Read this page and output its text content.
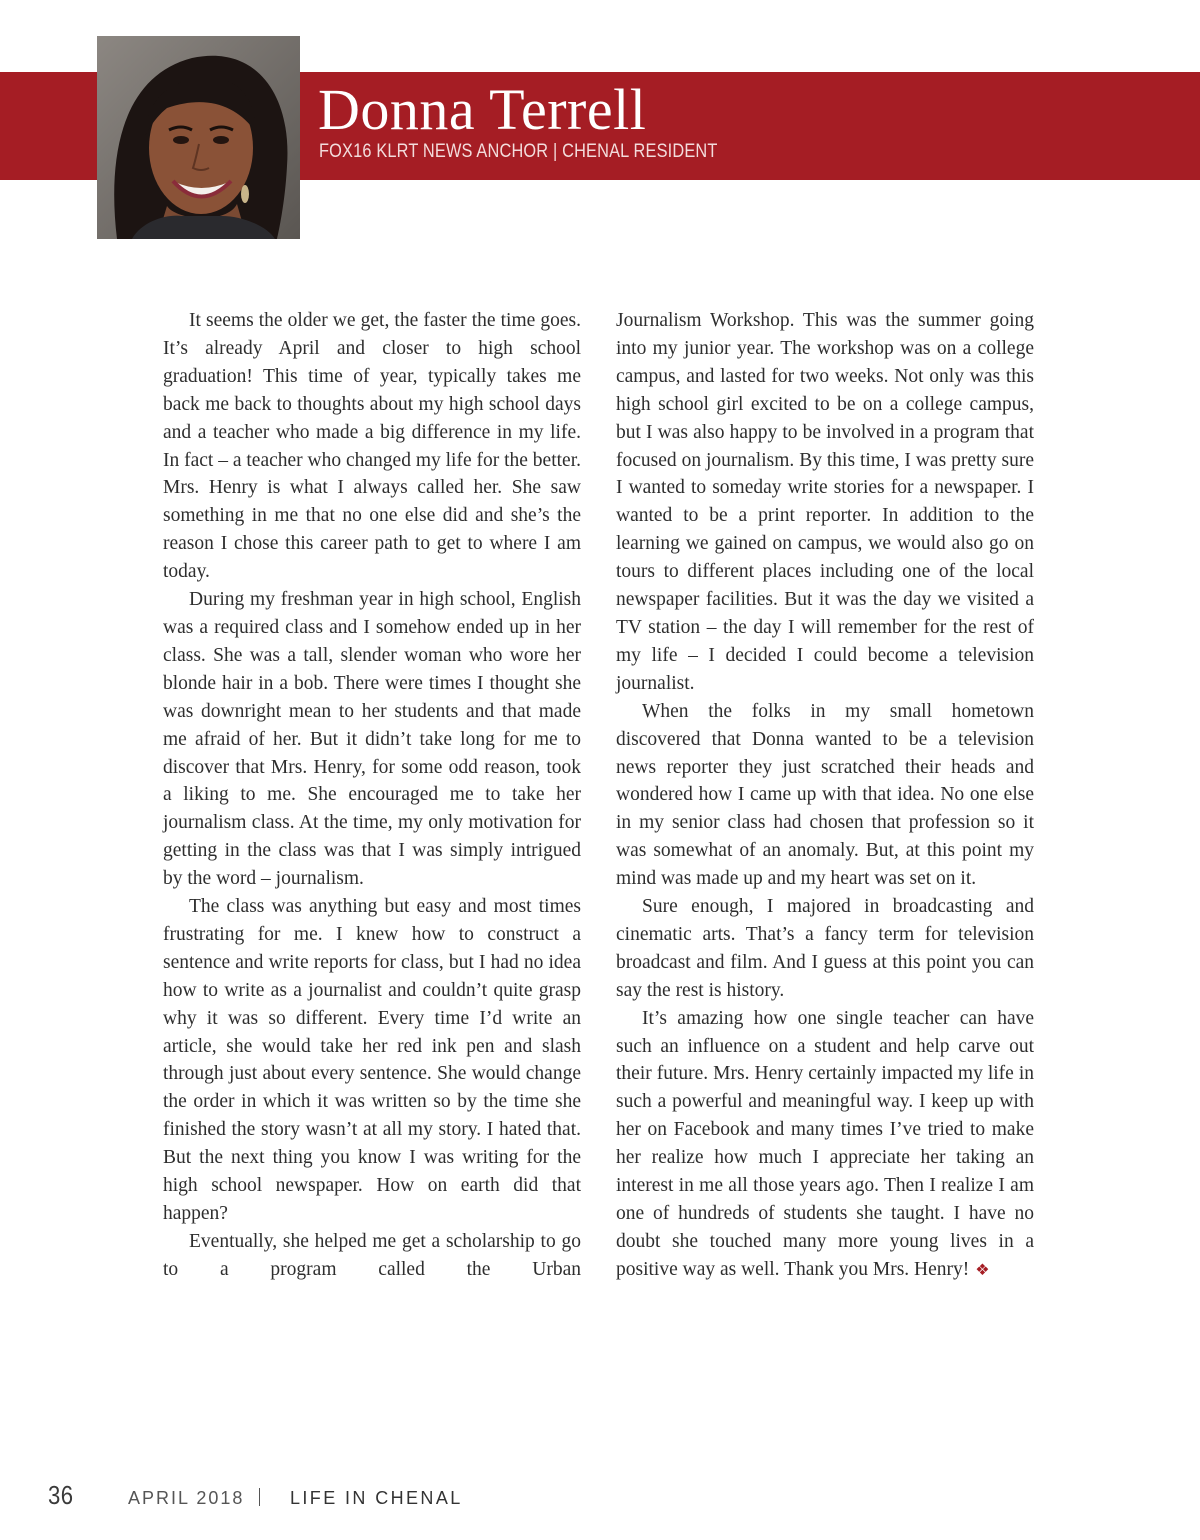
Donna Terrell
FOX16 KLRT NEWS ANCHOR | CHENAL RESIDENT

It seems the older we get, the faster the time goes. It’s already April and closer to high school graduation! This time of year, typically takes me back me back to thoughts about my high school days and a teacher who made a big difference in my life. In fact – a teacher who changed my life for the better. Mrs. Henry is what I always called her. She saw something in me that no one else did and she’s the reason I chose this career path to get to where I am today.

During my freshman year in high school, English was a required class and I somehow ended up in her class. She was a tall, slender woman who wore her blonde hair in a bob. There were times I thought she was downright mean to her students and that made me afraid of her. But it didn’t take long for me to discover that Mrs. Henry, for some odd reason, took a liking to me. She encouraged me to take her journalism class. At the time, my only motivation for getting in the class was that I was simply intrigued by the word – journalism.

The class was anything but easy and most times frustrating for me. I knew how to construct a sentence and write reports for class, but I had no idea how to write as a journalist and couldn’t quite grasp why it was so different. Every time I’d write an article, she would take her red ink pen and slash through just about every sentence. She would change the order in which it was written so by the time she finished the story wasn’t at all my story. I hated that. But the next thing you know I was writing for the high school newspaper. How on earth did that happen?

Eventually, she helped me get a scholarship to go to a program called the Urban

Journalism Workshop. This was the summer going into my junior year. The workshop was on a college campus, and lasted for two weeks. Not only was this high school girl excited to be on a college campus, but I was also happy to be involved in a program that focused on journalism. By this time, I was pretty sure I wanted to someday write stories for a newspaper. I wanted to be a print reporter. In addition to the learning we gained on campus, we would also go on tours to different places including one of the local newspaper facilities. But it was the day we visited a TV station – the day I will remember for the rest of my life – I decided I could become a television journalist.

When the folks in my small hometown discovered that Donna wanted to be a television news reporter they just scratched their heads and wondered how I came up with that idea. No one else in my senior class had chosen that profession so it was somewhat of an anomaly. But, at this point my mind was made up and my heart was set on it.

Sure enough, I majored in broadcasting and cinematic arts. That’s a fancy term for television broadcast and film. And I guess at this point you can say the rest is history.

It’s amazing how one single teacher can have such an influence on a student and help carve out their future. Mrs. Henry certainly impacted my life in such a powerful and meaningful way. I keep up with her on Facebook and many times I’ve tried to make her realize how much I appreciate her taking an interest in me all those years ago. Then I realize I am one of hundreds of students she taught. I have no doubt she touched many more young lives in a positive way as well. Thank you Mrs. Henry! ❖

36	APRIL 2018	LIFE IN CHENAL
